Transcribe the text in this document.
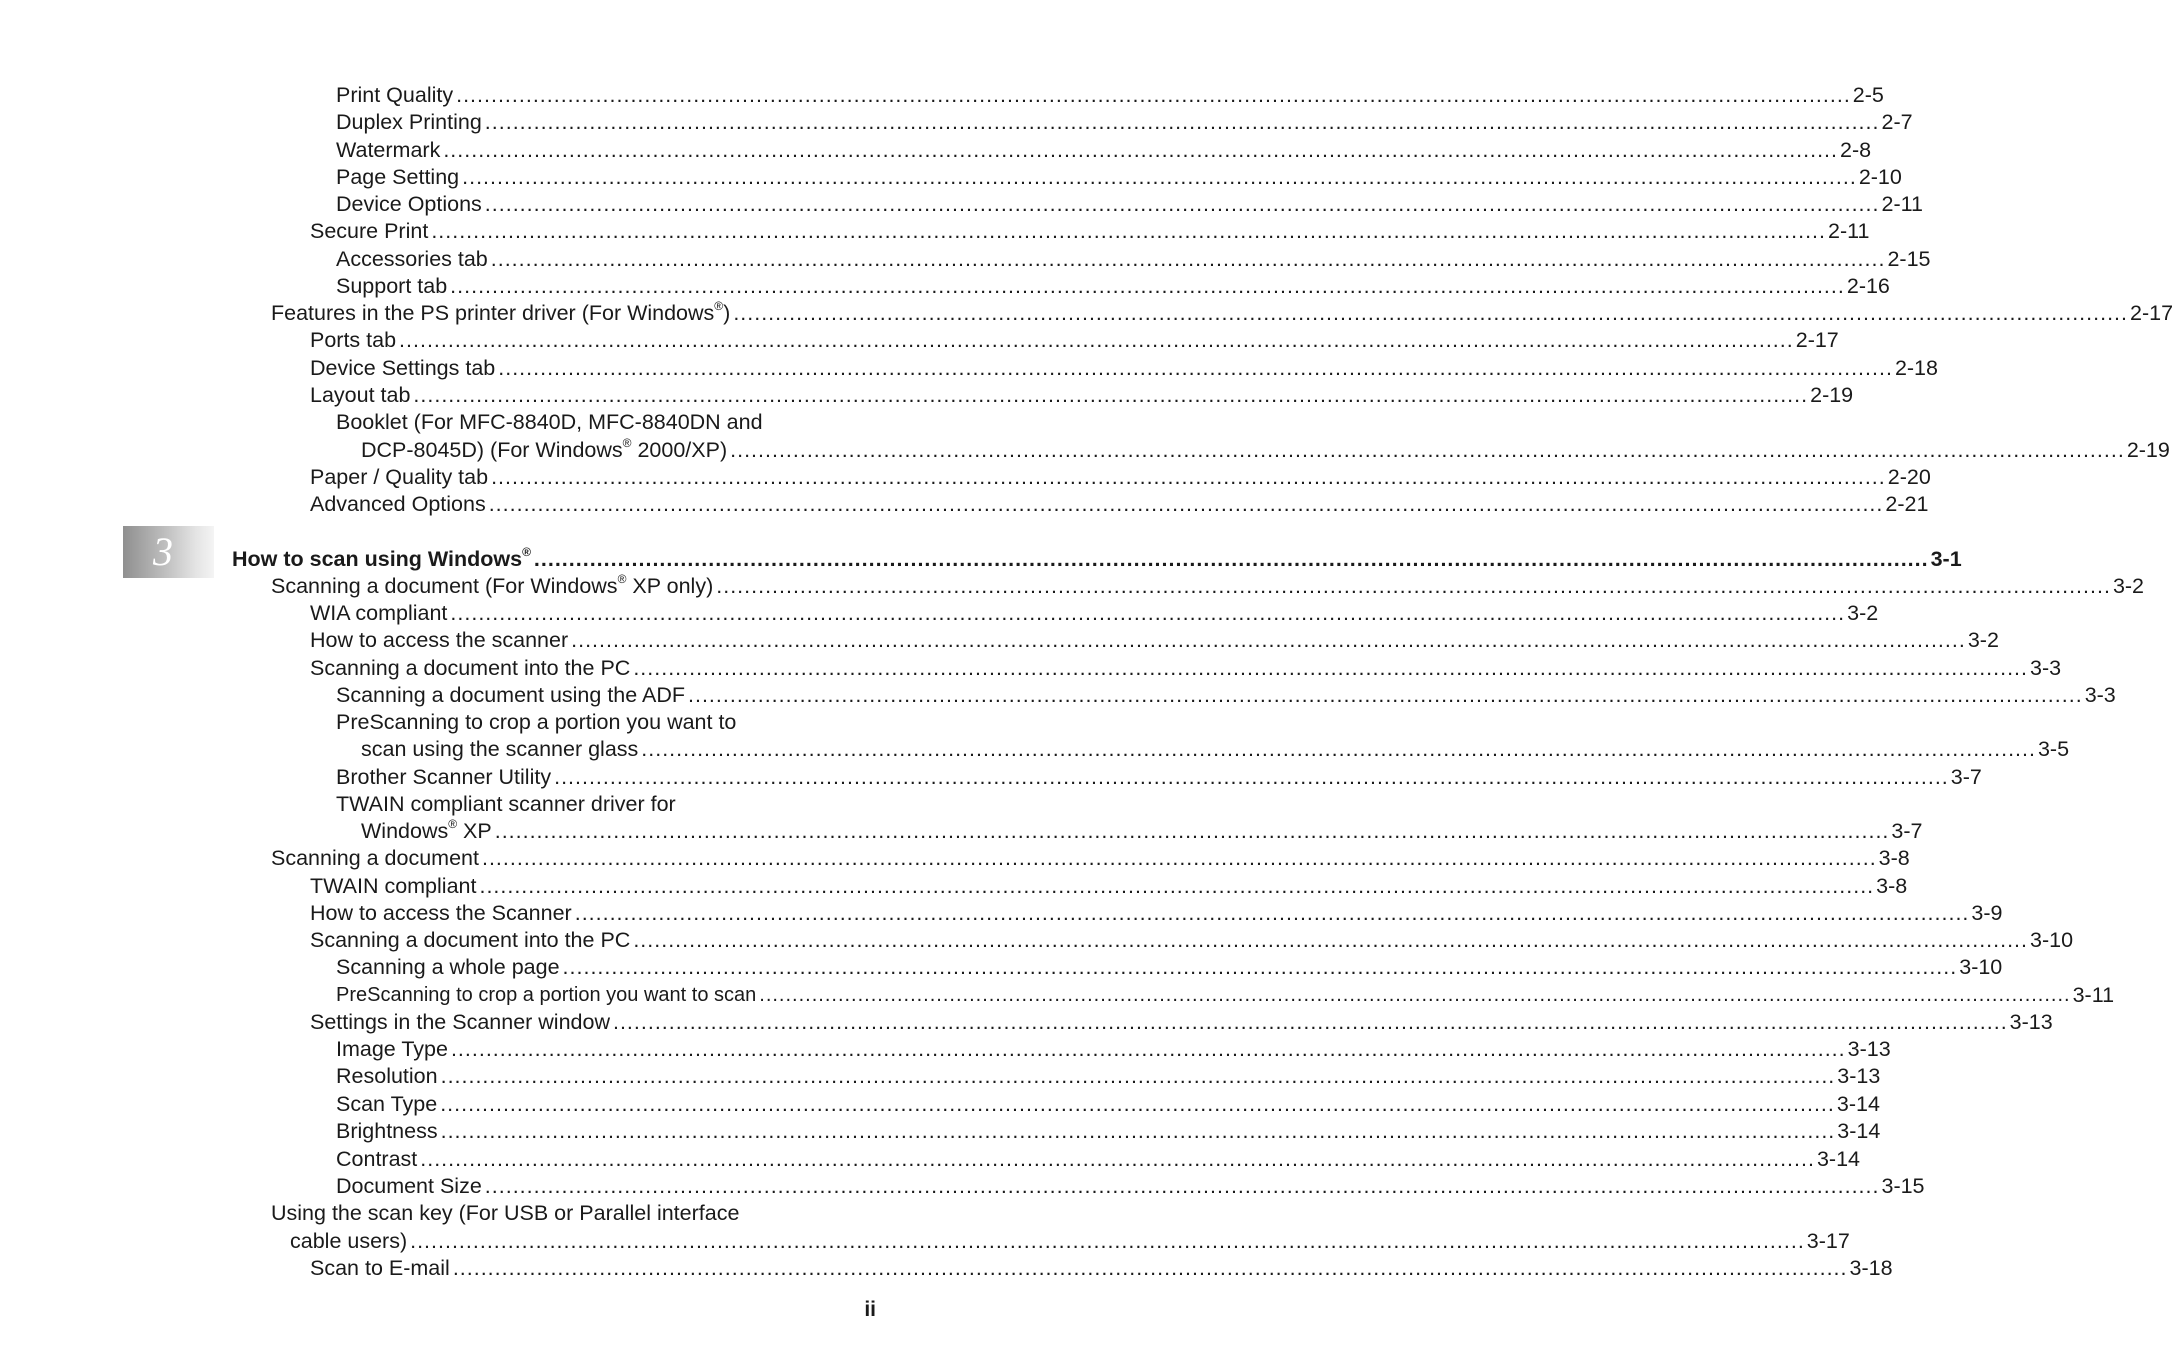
3
Print Quality ........................................................................................................................................................................................................ 2-5
Duplex Printing ........................................................................................................................................................................................................ 2-7
Watermark ........................................................................................................................................................................................................ 2-8
Page Setting ........................................................................................................................................................................................................ 2-10
Device Options ........................................................................................................................................................................................................ 2-11
Secure Print ........................................................................................................................................................................................................ 2-11
Accessories tab ........................................................................................................................................................................................................ 2-15
Support tab ........................................................................................................................................................................................................ 2-16
Features in the PS printer driver (For Windows®) ........................................................................................................................................................................................................ 2-17
Ports tab ........................................................................................................................................................................................................ 2-17
Device Settings tab ........................................................................................................................................................................................................ 2-18
Layout tab ........................................................................................................................................................................................................ 2-19
Booklet (For MFC-8840D, MFC-8840DN and
DCP-8045D) (For Windows® 2000/XP) ........................................................................................................................................................................................................ 2-19
Paper / Quality tab ........................................................................................................................................................................................................ 2-20
Advanced Options ........................................................................................................................................................................................................ 2-21
How to scan using Windows® ........................................................................................................................................................................................................ 3-1
Scanning a document (For Windows® XP only) ........................................................................................................................................................................................................ 3-2
WIA compliant ........................................................................................................................................................................................................ 3-2
How to access the scanner ........................................................................................................................................................................................................ 3-2
Scanning a document into the PC ........................................................................................................................................................................................................ 3-3
Scanning a document using the ADF ........................................................................................................................................................................................................ 3-3
PreScanning to crop a portion you want to
scan using the scanner glass ........................................................................................................................................................................................................ 3-5
Brother Scanner Utility ........................................................................................................................................................................................................ 3-7
TWAIN compliant scanner driver for
Windows® XP ........................................................................................................................................................................................................ 3-7
Scanning a document ........................................................................................................................................................................................................ 3-8
TWAIN compliant ........................................................................................................................................................................................................ 3-8
How to access the Scanner ........................................................................................................................................................................................................ 3-9
Scanning a document into the PC ........................................................................................................................................................................................................ 3-10
Scanning a whole page ........................................................................................................................................................................................................ 3-10
PreScanning to crop a portion you want to scan ........................................................................................................................................................................................................ 3-11
Settings in the Scanner window ........................................................................................................................................................................................................ 3-13
Image Type ........................................................................................................................................................................................................ 3-13
Resolution ........................................................................................................................................................................................................ 3-13
Scan Type ........................................................................................................................................................................................................ 3-14
Brightness ........................................................................................................................................................................................................ 3-14
Contrast ........................................................................................................................................................................................................ 3-14
Document Size ........................................................................................................................................................................................................ 3-15
Using the scan key (For USB or Parallel interface
cable users) ........................................................................................................................................................................................................ 3-17
Scan to E-mail ........................................................................................................................................................................................................ 3-18
ii
